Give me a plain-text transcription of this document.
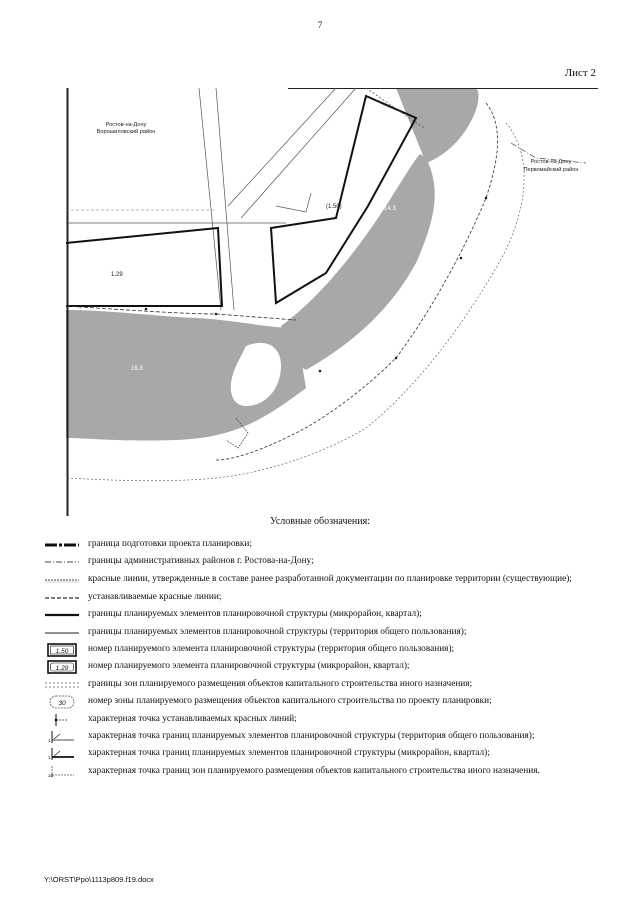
7
Лист 2
Ростов-на-Дону
Ворошиловский район
Ростов-на-Дону
Первомайский район
(1.50)
1.29
16.3
14.3
Условные обозначения:
граница подготовки проекта планировки;
границы административных районов г. Ростова-на-Дону;
красные линии, утвержденные в составе ранее разработанной документации по планировке территории (существующие);
устанавливаемые красные линии;
границы планируемых элементов планировочной структуры (микрорайон, квартал);
границы планируемых элементов планировочной структуры (территория общего пользования);
1.50 номер планируемого элемента планировочной структуры (территория общего пользования);
1.29 номер планируемого элемента планировочной структуры (микрорайон, квартал);
границы зон планируемого размещения объектов капитального строительства иного назначения;
30 номер зоны планируемого размещения объектов капитального строительства по проекту планировки;
характерная точка устанавливаемых красных линий;
1	характерная точка границ планируемых элементов планировочной структуры (территория общего пользования);
1	характерная точка границ планируемых элементов планировочной структуры (микрорайон, квартал);
16	характерная точка границ зон планируемого размещения объектов капитального строительства иного назначения.
Y:\ORST\Ppo\1113p809.f19.docx
